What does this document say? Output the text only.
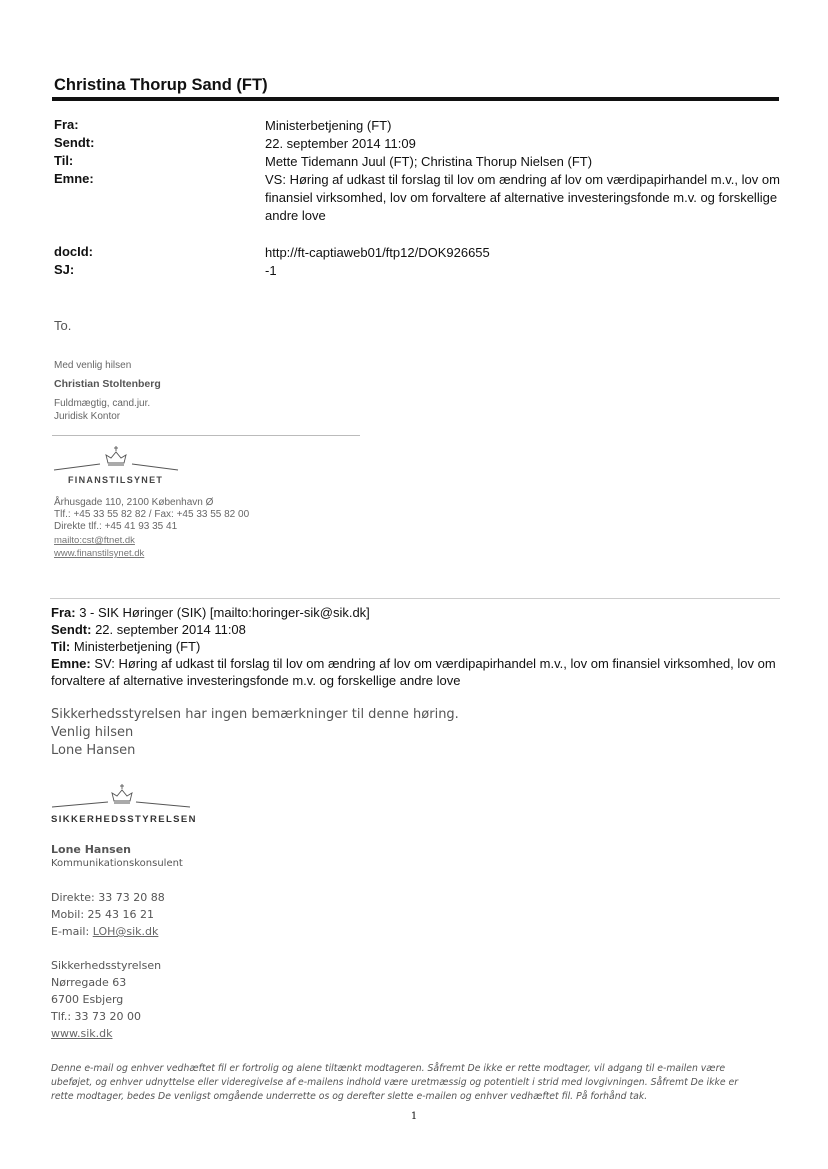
Christina Thorup Sand (FT)
Fra:	Ministerbetjening (FT)
Sendt:	22. september 2014 11:09
Til:	Mette Tidemann Juul (FT); Christina Thorup Nielsen (FT)
Emne:	VS: Høring af udkast til forslag til lov om ændring af lov om værdipapirhandel m.v., lov om finansiel virksomhed, lov om forvaltere af alternative investeringsfonde m.v. og forskellige andre love
docId:	http://ft-captiaweb01/ftp12/DOK926655
SJ:	-1
To.
Med venlig hilsen
Christian Stoltenberg
Fuldmægtig, cand.jur.
Juridisk Kontor
FINANSTILSYNET
Århusgade 110, 2100 København Ø
Tlf.: +45 33 55 82 82 / Fax: +45 33 55 82 00
Direkte tlf.: +45 41 93 35 41
mailto:cst@ftnet.dk
www.finanstilsynet.dk
Fra: 3 - SIK Høringer (SIK) [mailto:horinger-sik@sik.dk]
Sendt: 22. september 2014 11:08
Til: Ministerbetjening (FT)
Emne: SV: Høring af udkast til forslag til lov om ændring af lov om værdipapirhandel m.v., lov om finansiel virksomhed, lov om forvaltere af alternative investeringsfonde m.v. og forskellige andre love
Sikkerhedsstyrelsen har ingen bemærkninger til denne høring.
Venlig hilsen
Lone Hansen
SIKKERHEDSSTYRELSEN
Lone Hansen
Kommunikationskonsulent
Direkte: 33 73 20 88
Mobil: 25 43 16 21
E-mail: LOH@sik.dk
Sikkerhedsstyrelsen
Nørregade 63
6700 Esbjerg
Tlf.: 33 73 20 00
www.sik.dk
Denne e-mail og enhver vedhæftet fil er fortrolig og alene tiltænkt modtageren. Såfremt De ikke er rette modtager, vil adgang til e-mailen være ubeføjet, og enhver udnyttelse eller videregivelse af e-mailens indhold være uretmæssig og potentielt i strid med lovgivningen. Såfremt De ikke er rette modtager, bedes De venligst omgående underrette os og derefter slette e-mailen og enhver vedhæftet fil. På forhånd tak.
1
